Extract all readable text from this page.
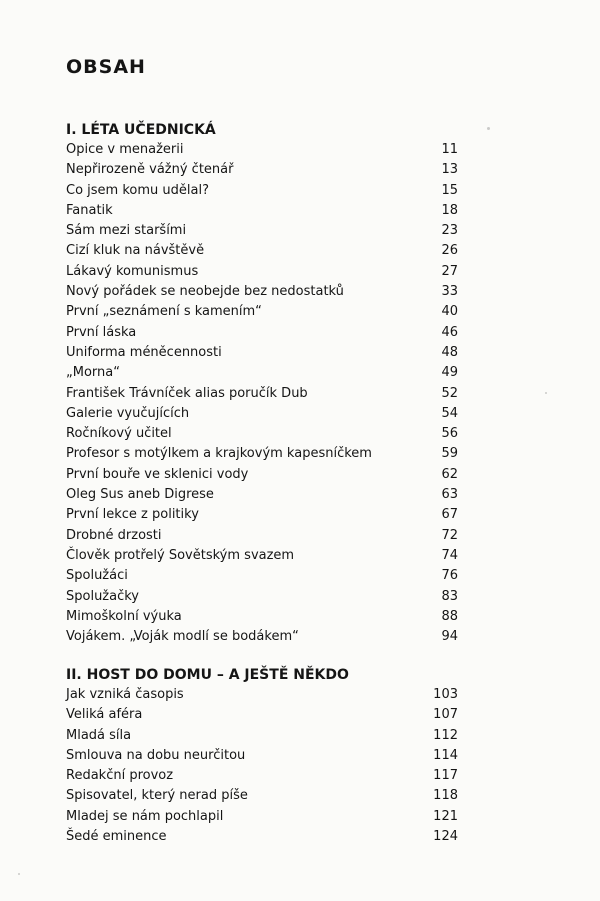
OBSAH
I. LÉTA UČEDNICKÁ
Opice v menažerii	11
Nepřirozeně vážný čtenář	13
Co jsem komu udělal?	15
Fanatik	18
Sám mezi staršími	23
Cizí kluk na návštěvě	26
Lákavý komunismus	27
Nový pořádek se neobejde bez nedostatků	33
První „seznámení s kamením“	40
První láska	46
Uniforma méněcennosti	48
„Morna“	49
František Trávníček alias poručík Dub	52
Galerie vyučujících	54
Ročníkový učitel	56
Profesor s motýlkem a krajkovým kapesníčkem	59
První bouře ve sklenici vody	62
Oleg Sus aneb Digrese	63
První lekce z politiky	67
Drobné drzosti	72
Člověk protřelý Sovětským svazem	74
Spolužáci	76
Spolužačky	83
Mimoškolní výuka	88
Vojákem. „Voják modlí se bodákem“	94
II. HOST DO DOMU – A JEŠTĚ NĚKDO
Jak vzniká časopis	103
Veliká aféra	107
Mladá síla	112
Smlouva na dobu neurčitou	114
Redakční provoz	117
Spisovatel, který nerad píše	118
Mladej se nám pochlapil	121
Šedé eminence	124
